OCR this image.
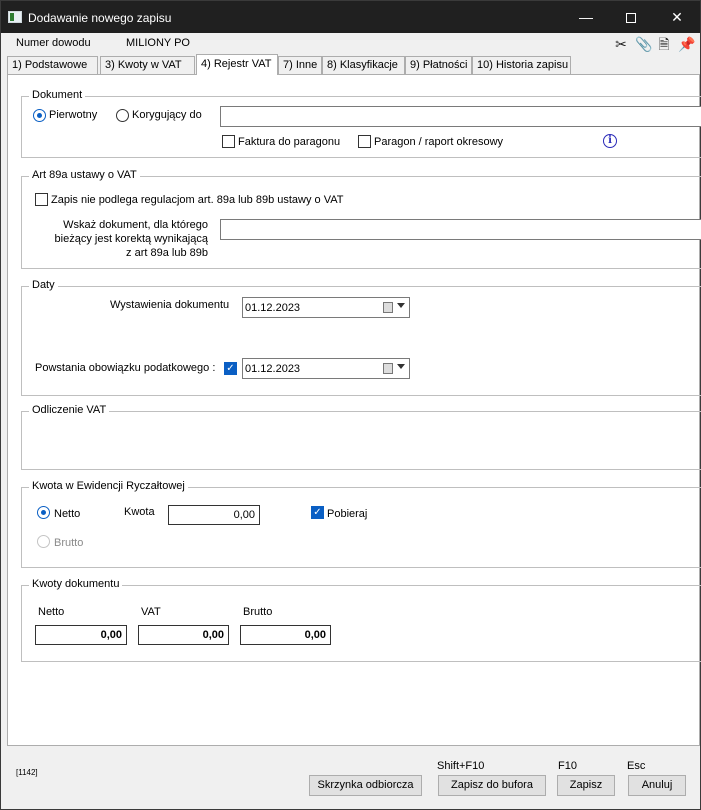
Dodawanie nowego zapisu	—	✕
Numer dowodu	MILIONY PO	✂ 📎 🗎 📌
1) Podstawowe	3) Kwoty w VAT	4) Rejestr VAT	7) Inne 8) Klasyfikacje	9) Płatności 10) Historia zapisu
Dokument
Pierwotny	Korygujący do
Faktura do paragonu	Paragon / raport okresowy	i
Art 89a ustawy o VAT
Zapis nie podlega regulacjom art. 89a lub 89b ustawy o VAT
Wskaż dokument, dla którego
bieżący jest korektą wynikającą
z art 89a lub 89b
Daty
Wystawienia dokumentu 01.12.2023
Powstania obowiązku podatkowego : ✓ 01.12.2023
Odliczenie VAT
Kwota w Ewidencji Ryczałtowej
Netto	Kwota	0,00	✓ Pobieraj
Brutto
Kwoty dokumentu
Netto	VAT	Brutto
0,00	0,00	0,00
[1142]
Shift+F10	F10	Esc
Skrzynka odbiorcza	Zapisz do bufora	Zapisz	Anuluj
